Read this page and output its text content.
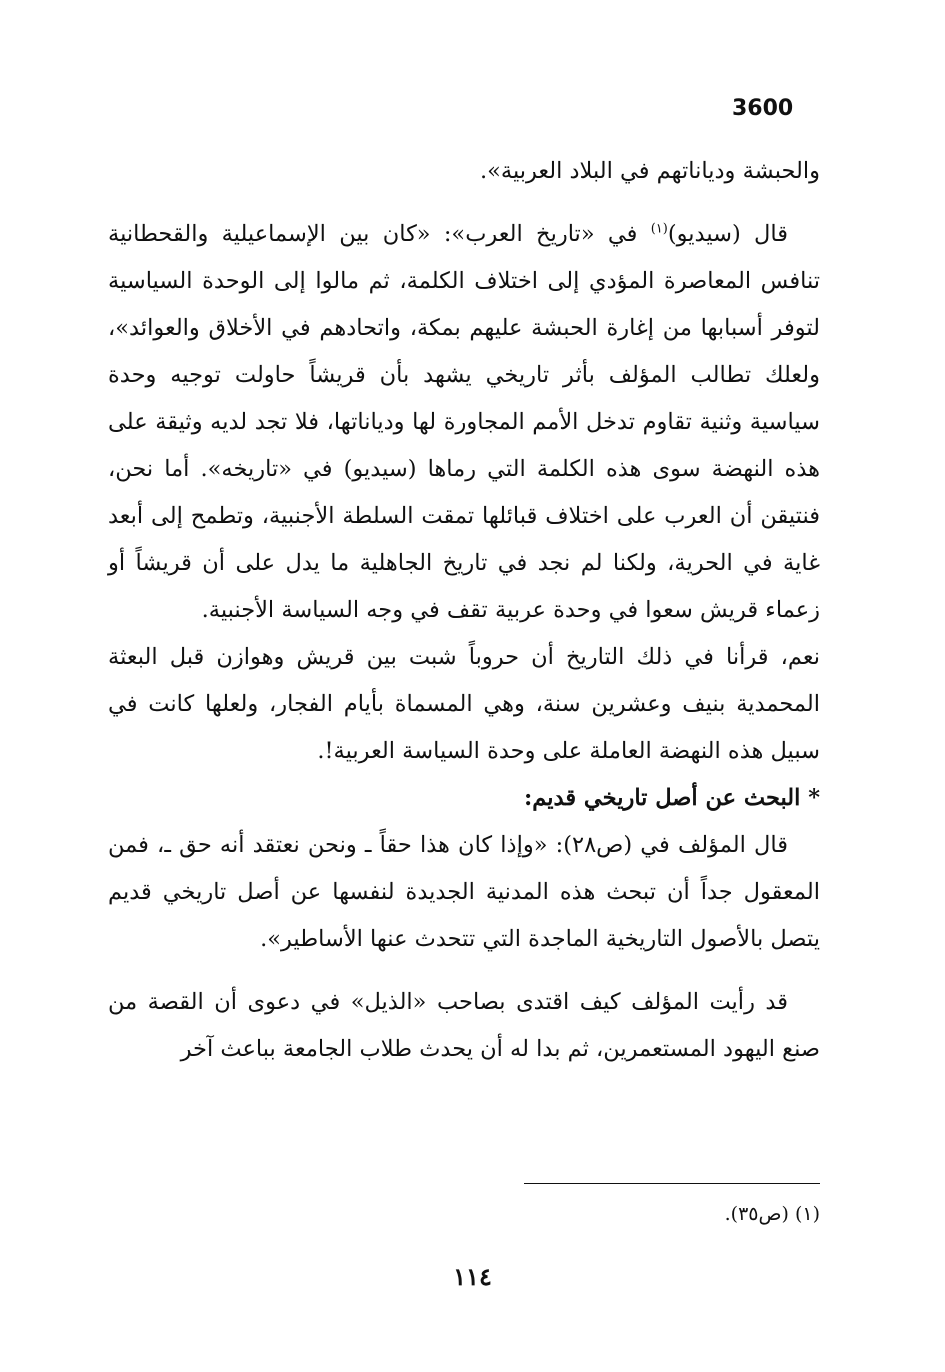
3600

والحبشة ودياناتهم في البلاد العربية».

قال (سيديو)$^{(١)}$ في «تاريخ العرب»: «كان بين الإسماعيلية والقحطانية تنافس المعاصرة المؤدي إلى اختلاف الكلمة، ثم مالوا إلى الوحدة السياسية لتوفر أسبابها من إغارة الحبشة عليهم بمكة، واتحادهم في الأخلاق والعوائد»، ولعلك تطالب المؤلف بأثر تاريخي يشهد بأن قريشاً حاولت توجيه وحدة سياسية وثنية تقاوم تدخل الأمم المجاورة لها ودياناتها، فلا تجد لديه وثيقة على هذه النهضة سوى هذه الكلمة التي رماها (سيديو) في «تاريخه». أما نحن، فنتيقن أن العرب على اختلاف قبائلها تمقت السلطة الأجنبية، وتطمح إلى أبعد غاية في الحرية، ولكنا لم نجد في تاريخ الجاهلية ما يدل على أن قريشاً أو زعماء قريش سعوا في وحدة عربية تقف في وجه السياسة الأجنبية.

نعم، قرأنا في ذلك التاريخ أن حروباً شبت بين قريش وهوازن قبل البعثة المحمدية بنيف وعشرين سنة، وهي المسماة بأيام الفجار، ولعلها كانت في سبيل هذه النهضة العاملة على وحدة السياسة العربية!.

* البحث عن أصل تاريخي قديم:

قال المؤلف في (ص٢٨): «وإذا كان هذا حقاً ـ ونحن نعتقد أنه حق ـ، فمن المعقول جداً أن تبحث هذه المدنية الجديدة لنفسها عن أصل تاريخي قديم يتصل بالأصول التاريخية الماجدة التي تتحدث عنها الأساطير».

قد رأيت المؤلف كيف اقتدى بصاحب «الذيل» في دعوى أن القصة من صنع اليهود المستعمرين، ثم بدا له أن يحدث طلاب الجامعة بباعث آخر

(١) (ص٣٥).
١١٤
